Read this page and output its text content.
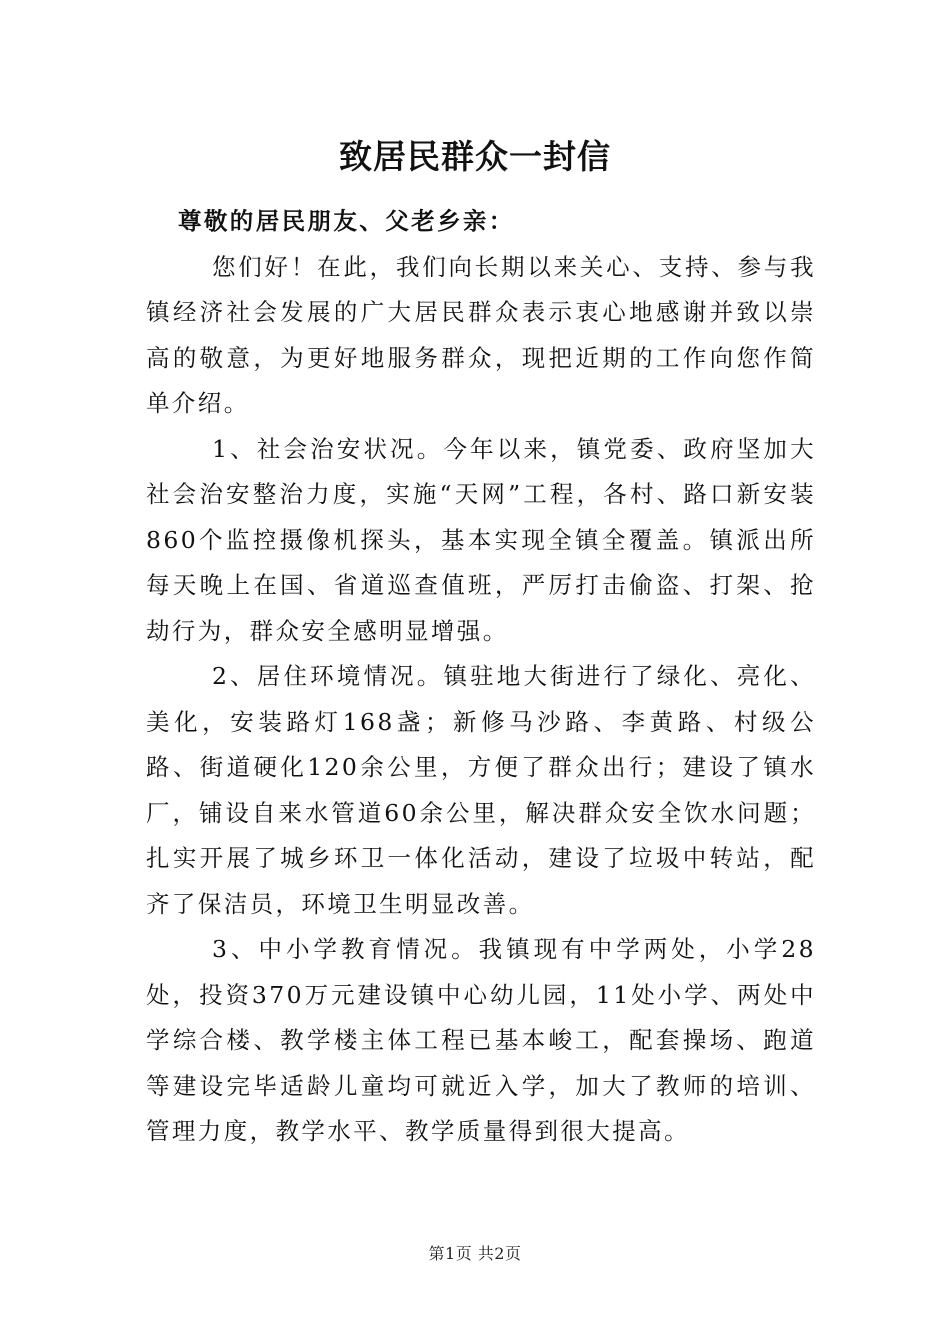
致居民群众一封信

尊敬的居民朋友、父老乡亲：

您们好！在此，我们向长期以来关心、支持、参与我镇经济社会发展的广大居民群众表示衷心地感谢并致以崇高的敬意，为更好地服务群众，现把近期的工作向您作简单介绍。

1、社会治安状况。今年以来，镇党委、政府坚加大社会治安整治力度，实施“天网”工程，各村、路口新安装860个监控摄像机探头，基本实现全镇全覆盖。镇派出所每天晚上在国、省道巡查值班，严厉打击偷盗、打架、抢劫行为，群众安全感明显增强。

2、居住环境情况。镇驻地大街进行了绿化、亮化、美化，安装路灯168盏；新修马沙路、李黄路、村级公路、街道硬化120余公里，方便了群众出行；建设了镇水厂，铺设自来水管道60余公里，解决群众安全饮水问题；扎实开展了城乡环卫一体化活动，建设了垃圾中转站，配齐了保洁员，环境卫生明显改善。

3、中小学教育情况。我镇现有中学两处，小学28处，投资370万元建设镇中心幼儿园，11处小学、两处中学综合楼、教学楼主体工程已基本峻工，配套操场、跑道等建设完毕适龄儿童均可就近入学，加大了教师的培训、管理力度，教学水平、教学质量得到很大提高。

第1页 共2页
